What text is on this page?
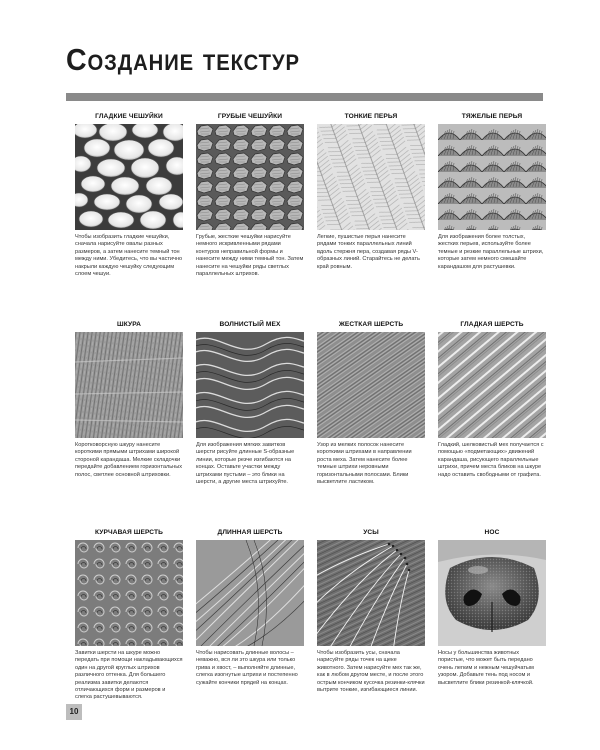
Создание текстур
ГЛАДКИЕ ЧЕШУЙКИ
Чтобы изобразить гладкие чешуйки, сначала нарисуйте овалы разных размеров, а затем нанесите темный тон между ними. Убедитесь, что вы частично накрыли каждую чешуйку следующим слоем чешуи.
ГРУБЫЕ ЧЕШУЙКИ
Грубые, жесткие чешуйки нарисуйте немного искривленными рядами контуров неправильной формы и нанесите между ними темный тон. Затем нанесите на чешуйки ряды светлых параллельных штрихов.
ТОНКИЕ ПЕРЬЯ
Легкие, пушистые перья нанесите рядами тонких параллельных линий вдоль стержня пера, создавая ряды V-образных линий. Старайтесь не делать край ровным.
ТЯЖЕЛЫЕ ПЕРЬЯ
Для изображения более толстых, жестких перьев, используйте более темные и резкие параллельные штрихи, которые затем немного смешайте карандашом для растушевки.
ШКУРА
Коротковорсную шкуру нанесите короткими прямыми штрихами широкой стороной карандаша. Мелкие складочки передайте добавлением горизонтальных полос, светлее основной штриховки.
ВОЛНИСТЫЙ МЕХ
Для изображения мягких завитков шерсти рисуйте длинные S-образные линии, которые резче изгибаются на концах. Оставьте участки между штрихами пустыми – это блики на шерсти, а другие места штрихуйте.
ЖЕСТКАЯ ШЕРСТЬ
Узор из мелких полосок нанесите короткими штрихами в направлении роста меха. Затем нанесите более темные штрихи неровными горизонтальными полосами. Блики высветлите ластиком.
ГЛАДКАЯ ШЕРСТЬ
Гладкий, шелковистый мех получается с помощью «подметающих» движений карандаша, рисующего параллельные штрихи, причем места бликов на шкуре надо оставить свободными от графита.
КУРЧАВАЯ ШЕРСТЬ
Завитки шерсти на шкуре можно передать при помощи накладывающихся один на другой круглых штрихов различного оттенка. Для большего реализма завитки делаются отличающихся форм и размеров и слегка растушевываются.
ДЛИННАЯ ШЕРСТЬ
Чтобы нарисовать длинные волосы – неважно, вся ли это шкура или только грива и хвост, – выполняйте длинные, слегка изогнутые штрихи и постепенно сужайте кончики прядей на концах.
УСЫ
Чтобы изобразить усы, сначала нарисуйте ряды точек на щеке животного. Затем нарисуйте мех так же, как в любом другом месте, и после этого острым кончиком кусочка резинки-клячки вытрите тонкие, изгибающиеся линии.
НОС
Носы у большинства животных пористые, что может быть передано очень легким и нежным чешуйчатым узором. Добавьте тень под носом и высветлите блики резинкой-клячкой.
10
